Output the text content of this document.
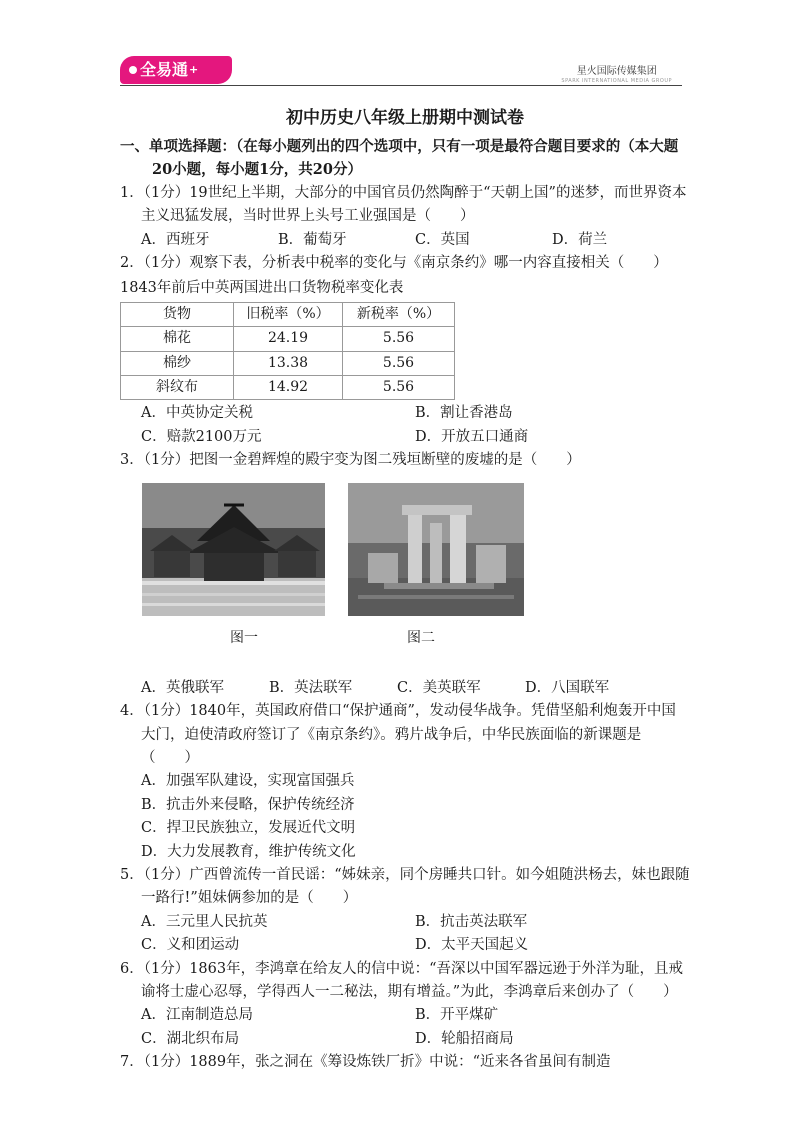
全易通+	星火国际传媒集团
SPARK INTERNATIONAL MEDIA GROUP
初中历史八年级上册期中测试卷
一、单项选择题：（在每小题列出的四个选项中，只有一项是最符合题目要求的（本大题20小题，每小题1分，共20分）
1．（1分）19世纪上半期，大部分的中国官员仍然陶醉于“天朝上国”的迷梦，而世界资本主义迅猛发展，当时世界上头号工业强国是（　　）
A．西班牙	B．葡萄牙	C．英国	D．荷兰
2．（1分）观察下表，分析表中税率的变化与《南京条约》哪一内容直接相关（　　）
1843年前后中英两国进出口货物税率变化表
货物	旧税率（%）	新税率（%）
棉花	24.19	5.56
棉纱	13.38	5.56
斜纹布	14.92	5.56
A．中英协定关税	B．割让香港岛
C．赔款2100万元	D．开放五口通商
3．（1分）把图一金碧辉煌的殿宇变为图二残垣断壁的废墟的是（　　）
图一	图二
A．英俄联军	B．英法联军	C．美英联军	D．八国联军
4．（1分）1840年，英国政府借口“保护通商”，发动侵华战争。凭借坚船利炮轰开中国大门，迫使清政府签订了《南京条约》。鸦片战争后，中华民族面临的新课题是（　　）
A．加强军队建设，实现富国强兵
B．抗击外来侵略，保护传统经济
C．捍卫民族独立，发展近代文明
D．大力发展教育，维护传统文化
5．（1分）广西曾流传一首民谣：“姊妹亲，同个房睡共口针。如今姐随洪杨去，妹也跟随一路行!”姐妹俩参加的是（　　）
A．三元里人民抗英	B．抗击英法联军
C．义和团运动	D．太平天国起义
6．（1分）1863年，李鸿章在给友人的信中说：“吾深以中国军器远逊于外洋为耻，且戒谕将士虚心忍辱，学得西人一二秘法，期有增益。”为此，李鸿章后来创办了（　　）
A．江南制造总局	B．开平煤矿
C．湖北织布局	D．轮船招商局
7．（1分）1889年，张之洞在《筹设炼铁厂折》中说：“近来各省虽间有制造
